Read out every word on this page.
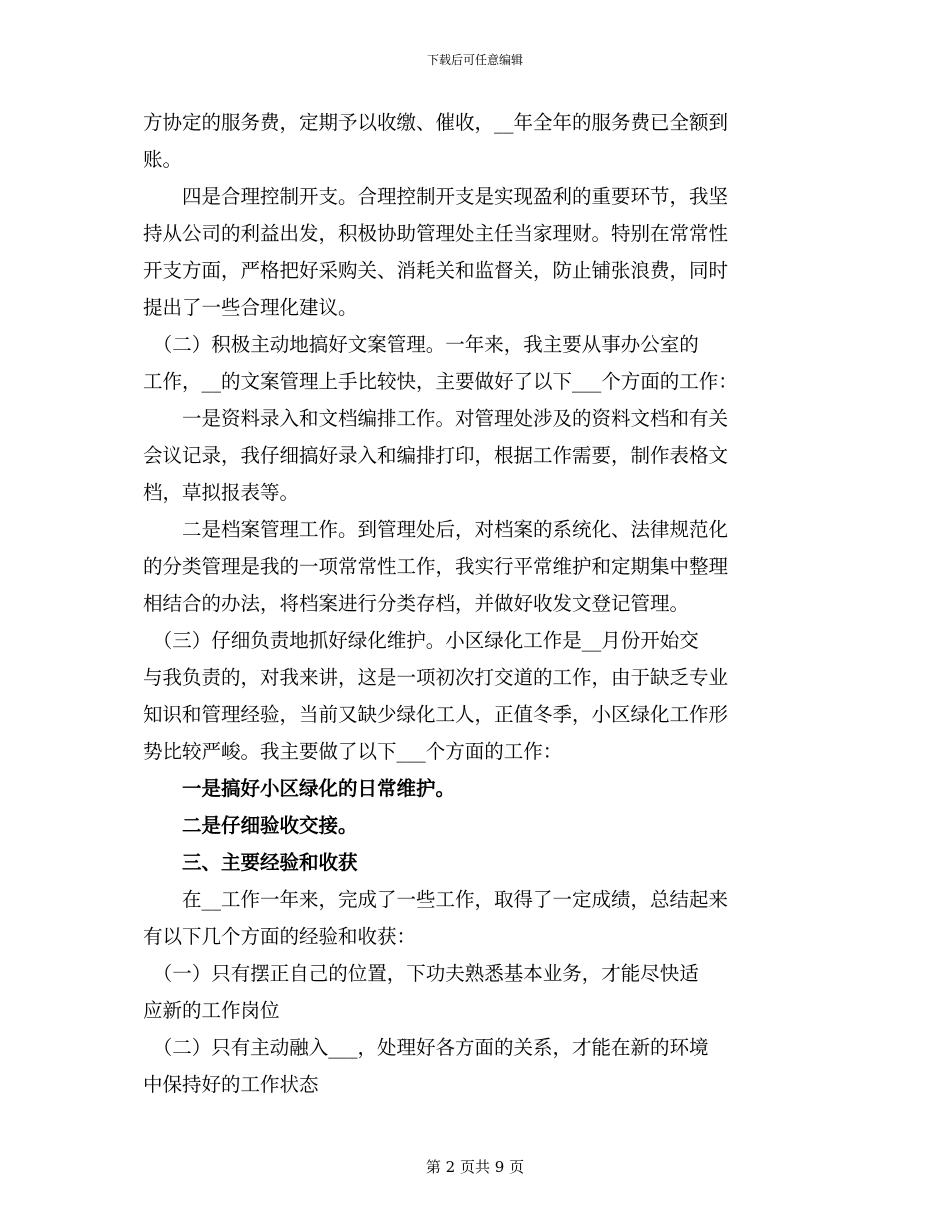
下载后可任意编辑
方协定的服务费，定期予以收缴、催收，__年全年的服务费已全额到
账。
　　四是合理控制开支。合理控制开支是实现盈利的重要环节，我坚
持从公司的利益出发，积极协助管理处主任当家理财。特别在常常性
开支方面，严格把好采购关、消耗关和监督关，防止铺张浪费，同时
提出了一些合理化建议。
　（二）积极主动地搞好文案管理。一年来，我主要从事办公室的
工作，__的文案管理上手比较快，主要做好了以下___个方面的工作：
　　一是资料录入和文档编排工作。对管理处涉及的资料文档和有关
会议记录，我仔细搞好录入和编排打印，根据工作需要，制作表格文
档，草拟报表等。
　　二是档案管理工作。到管理处后，对档案的系统化、法律规范化
的分类管理是我的一项常常性工作，我实行平常维护和定期集中整理
相结合的办法，将档案进行分类存档，并做好收发文登记管理。
　（三）仔细负责地抓好绿化维护。小区绿化工作是__月份开始交
与我负责的，对我来讲，这是一项初次打交道的工作，由于缺乏专业
知识和管理经验，当前又缺少绿化工人，正值冬季，小区绿化工作形
势比较严峻。我主要做了以下___个方面的工作：
　　一是搞好小区绿化的日常维护。
　　二是仔细验收交接。
　　三、主要经验和收获
　　在__工作一年来，完成了一些工作，取得了一定成绩，总结起来
有以下几个方面的经验和收获：
　（一）只有摆正自己的位置，下功夫熟悉基本业务，才能尽快适
应新的工作岗位
　（二）只有主动融入___，处理好各方面的关系，才能在新的环境
中保持好的工作状态
第 2 页共 9 页
